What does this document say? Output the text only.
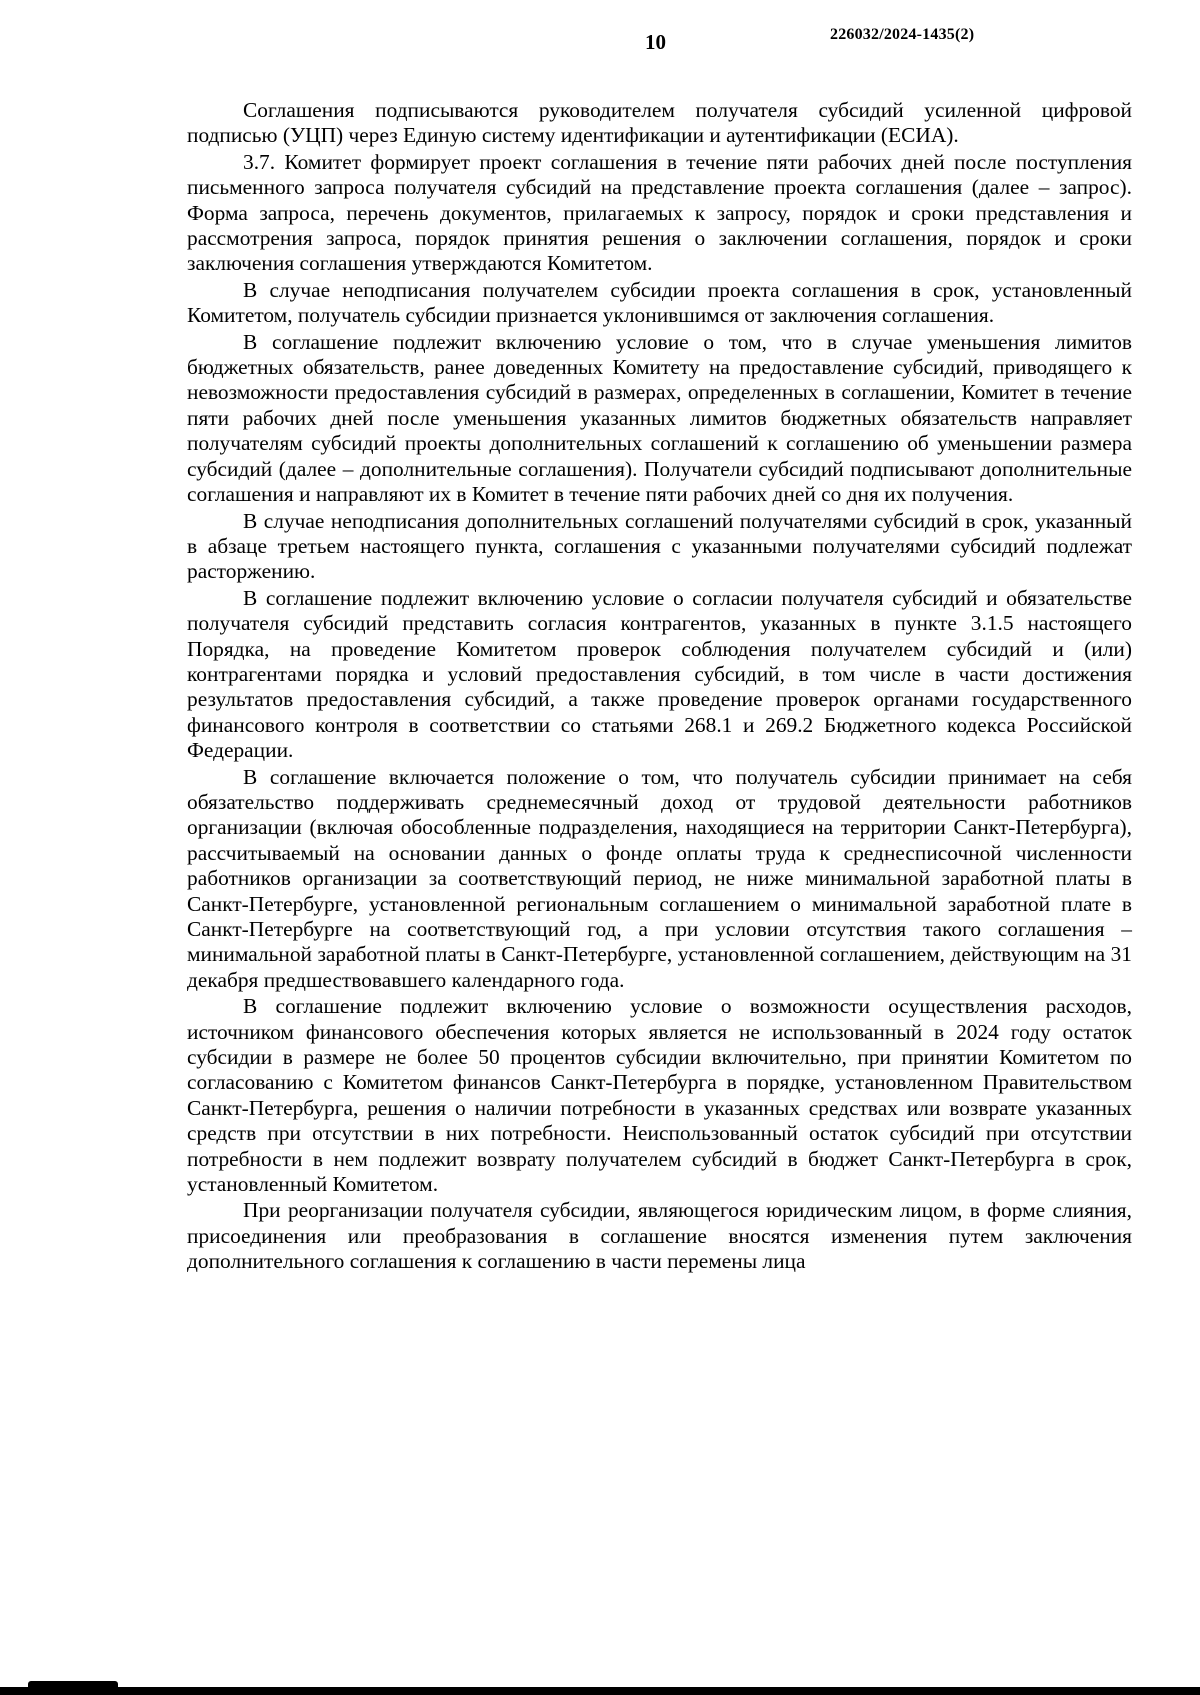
10	226032/2024-1435(2)

Соглашения подписываются руководителем получателя субсидий усиленной цифровой подписью (УЦП) через Единую систему идентификации и аутентификации (ЕСИА).

3.7. Комитет формирует проект соглашения в течение пяти рабочих дней после поступления письменного запроса получателя субсидий на представление проекта соглашения (далее – запрос). Форма запроса, перечень документов, прилагаемых к запросу, порядок и сроки представления и рассмотрения запроса, порядок принятия решения о заключении соглашения, порядок и сроки заключения соглашения утверждаются Комитетом.

В случае неподписания получателем субсидии проекта соглашения в срок, установленный Комитетом, получатель субсидии признается уклонившимся от заключения соглашения.

В соглашение подлежит включению условие о том, что в случае уменьшения лимитов бюджетных обязательств, ранее доведенных Комитету на предоставление субсидий, приводящего к невозможности предоставления субсидий в размерах, определенных в соглашении, Комитет в течение пяти рабочих дней после уменьшения указанных лимитов бюджетных обязательств направляет получателям субсидий проекты дополнительных соглашений к соглашению об уменьшении размера субсидий (далее – дополнительные соглашения). Получатели субсидий подписывают дополнительные соглашения и направляют их в Комитет в течение пяти рабочих дней со дня их получения.

В случае неподписания дополнительных соглашений получателями субсидий в срок, указанный в абзаце третьем настоящего пункта, соглашения с указанными получателями субсидий подлежат расторжению.

В соглашение подлежит включению условие о согласии получателя субсидий и обязательстве получателя субсидий представить согласия контрагентов, указанных в пункте 3.1.5 настоящего Порядка, на проведение Комитетом проверок соблюдения получателем субсидий и (или) контрагентами порядка и условий предоставления субсидий, в том числе в части достижения результатов предоставления субсидий, а также проведение проверок органами государственного финансового контроля в соответствии со статьями 268.1 и 269.2 Бюджетного кодекса Российской Федерации.

В соглашение включается положение о том, что получатель субсидии принимает на себя обязательство поддерживать среднемесячный доход от трудовой деятельности работников организации (включая обособленные подразделения, находящиеся на территории Санкт-Петербурга), рассчитываемый на основании данных о фонде оплаты труда к среднесписочной численности работников организации за соответствующий период, не ниже минимальной заработной платы в Санкт-Петербурге, установленной региональным соглашением о минимальной заработной плате в Санкт-Петербурге на соответствующий год, а при условии отсутствия такого соглашения – минимальной заработной платы в Санкт-Петербурге, установленной соглашением, действующим на 31 декабря предшествовавшего календарного года.

В соглашение подлежит включению условие о возможности осуществления расходов, источником финансового обеспечения которых является не использованный в 2024 году остаток субсидии в размере не более 50 процентов субсидии включительно, при принятии Комитетом по согласованию с Комитетом финансов Санкт-Петербурга в порядке, установленном Правительством Санкт-Петербурга, решения о наличии потребности в указанных средствах или возврате указанных средств при отсутствии в них потребности. Неиспользованный остаток субсидий при отсутствии потребности в нем подлежит возврату получателем субсидий в бюджет Санкт-Петербурга в срок, установленный Комитетом.

При реорганизации получателя субсидии, являющегося юридическим лицом, в форме слияния, присоединения или преобразования в соглашение вносятся изменения путем заключения дополнительного соглашения к соглашению в части перемены лица
